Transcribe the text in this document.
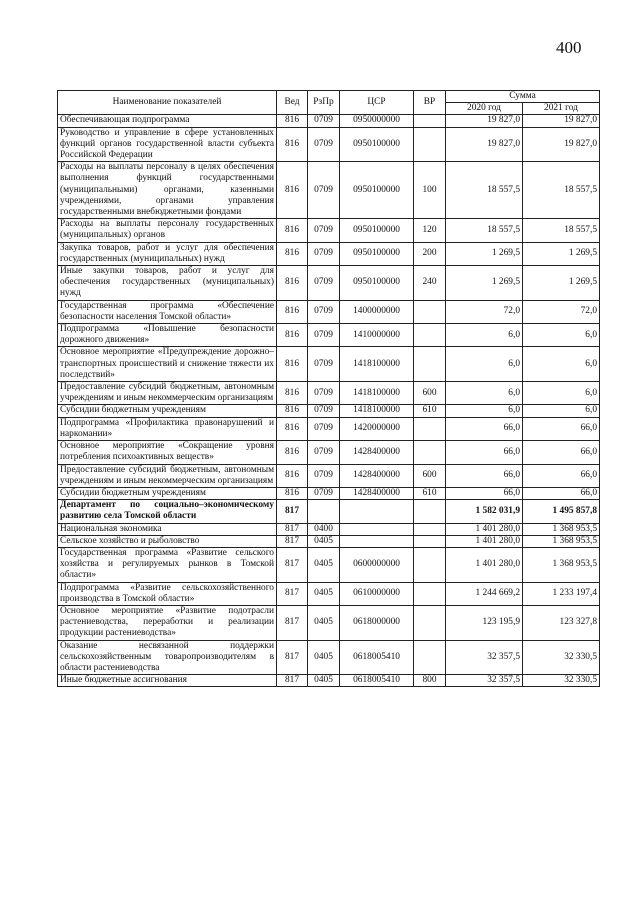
400
Наименование показателей	Вед	РзПр	ЦСР	ВР	Сумма	
					2020 год	2021 год
Обеспечивающая подпрограмма	816	0709	0950000000		19 827,0	19 827,0
Руководство и управление в сфере установленных функций органов государственной власти субъекта Российской Федерации	816	0709	0950100000		19 827,0	19 827,0
Расходы на выплаты персоналу в целях обеспечения выполнения функций государственными (муниципальными) органами, казенными учреждениями, органами управления государственными внебюджетными фондами	816	0709	0950100000	100	18 557,5	18 557,5
Расходы на выплаты персоналу государственных (муниципальных) органов	816	0709	0950100000	120	18 557,5	18 557,5
Закупка товаров, работ и услуг для обеспечения государственных (муниципальных) нужд	816	0709	0950100000	200	1 269,5	1 269,5
Иные закупки товаров, работ и услуг для обеспечения государственных (муниципальных) нужд	816	0709	0950100000	240	1 269,5	1 269,5
Государственная программа «Обеспечение безопасности населения Томской области»	816	0709	1400000000		72,0	72,0
Подпрограмма «Повышение безопасности дорожного движения»	816	0709	1410000000		6,0	6,0
Основное мероприятие «Предупреждение дорожно–транспортных происшествий и снижение тяжести их последствий»	816	0709	1418100000		6,0	6,0
Предоставление субсидий бюджетным, автономным учреждениям и иным некоммерческим организациям	816	0709	1418100000	600	6,0	6,0
Субсидии бюджетным учреждениям	816	0709	1418100000	610	6,0	6,0
Подпрограмма «Профилактика правонарушений и наркомании»	816	0709	1420000000		66,0	66,0
Основное мероприятие «Сокращение уровня потребления психоактивных веществ»	816	0709	1428400000		66,0	66,0
Предоставление субсидий бюджетным, автономным учреждениям и иным некоммерческим организациям	816	0709	1428400000	600	66,0	66,0
Субсидии бюджетным учреждениям	816	0709	1428400000	610	66,0	66,0
Департамент по социально–экономическому развитию села Томской области	817				1 582 031,9	1 495 857,8
Национальная экономика	817	0400			1 401 280,0	1 368 953,5
Сельское хозяйство и рыболовство	817	0405			1 401 280,0	1 368 953,5
Государственная программа «Развитие сельского хозяйства и регулируемых рынков в Томской области»	817	0405	0600000000		1 401 280,0	1 368 953,5
Подпрограмма «Развитие сельскохозяйственного производства в Томской области»	817	0405	0610000000		1 244 669,2	1 233 197,4
Основное мероприятие «Развитие подотрасли растениеводства, переработки и реализации продукции растениеводства»	817	0405	0618000000		123 195,9	123 327,8
Оказание несвязанной поддержки сельскохозяйственным товаропроизводителям в области растениеводства	817	0405	0618005410		32 357,5	32 330,5
Иные бюджетные ассигнования	817	0405	0618005410	800	32 357,5	32 330,5
